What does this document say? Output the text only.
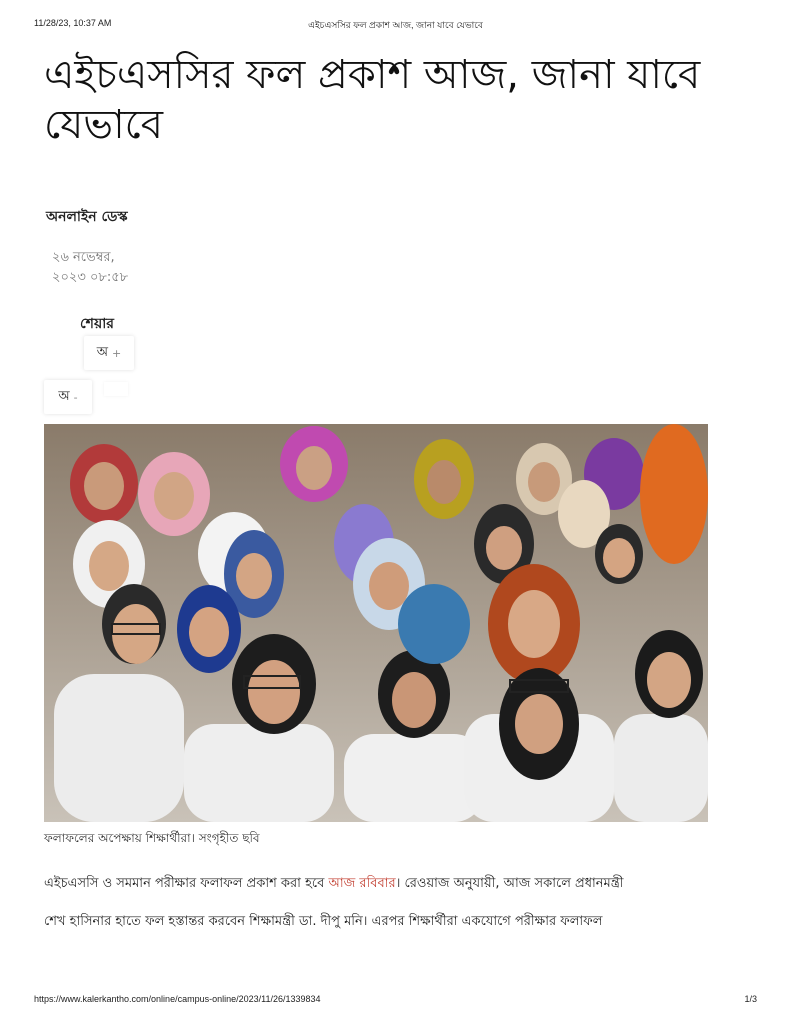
11/28/23, 10:37 AM	এইচএসসির ফল প্রকাশ আজ, জানা যাবে যেভাবে
এইচএসসির ফল প্রকাশ আজ, জানা যাবে যেভাবে
অনলাইন ডেস্ক
২৬ নভেম্বর,
২০২৩ ০৮:৫৮
শেয়ার
অ +
অ -
ফলাফলের অপেক্ষায় শিক্ষার্থীরা। সংগৃহীত ছবি
এইচএসসি ও সমমান পরীক্ষার ফলাফল প্রকাশ করা হবে আজ রবিবার। রেওয়াজ অনুযায়ী, আজ সকালে প্রধানমন্ত্রী
শেখ হাসিনার হাতে ফল হস্তান্তর করবেন শিক্ষামন্ত্রী ডা. দীপু মনি। এরপর শিক্ষার্থীরা একযোগে পরীক্ষার ফলাফল
https://www.kalerkantho.com/online/campus-online/2023/11/26/1339834	1/3
